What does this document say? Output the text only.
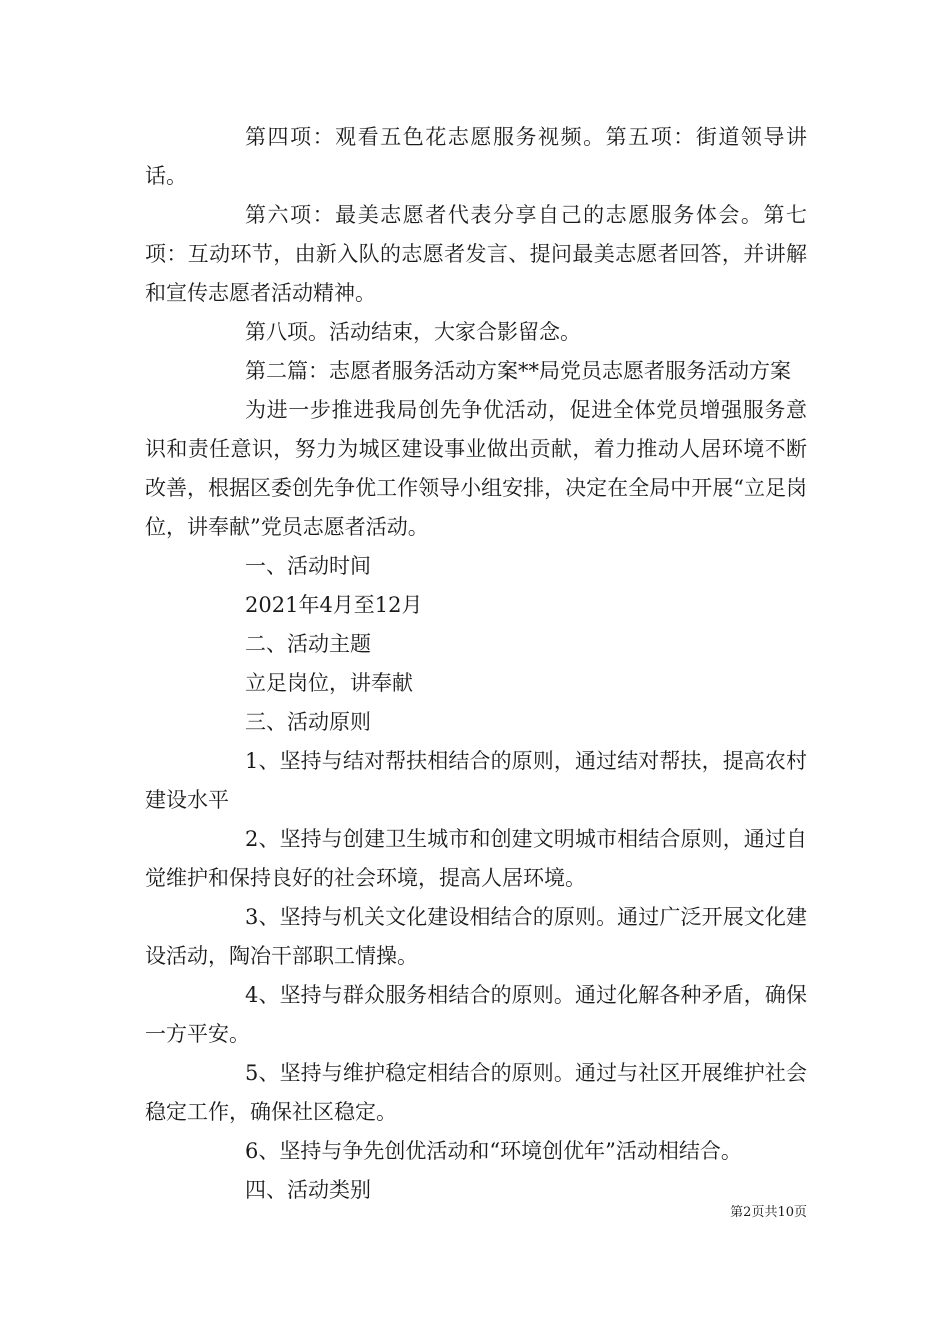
第四项：观看五色花志愿服务视频。第五项：街道领导讲话。

第六项：最美志愿者代表分享自己的志愿服务体会。第七项：互动环节，由新入队的志愿者发言、提问最美志愿者回答，并讲解和宣传志愿者活动精神。

第八项。活动结束，大家合影留念。

第二篇：志愿者服务活动方案**局党员志愿者服务活动方案

为进一步推进我局创先争优活动，促进全体党员增强服务意识和责任意识，努力为城区建设事业做出贡献，着力推动人居环境不断改善，根据区委创先争优工作领导小组安排，决定在全局中开展“立足岗位，讲奉献”党员志愿者活动。

一、活动时间

2021年4月至12月

二、活动主题

立足岗位，讲奉献

三、活动原则

1、坚持与结对帮扶相结合的原则，通过结对帮扶，提高农村建设水平

2、坚持与创建卫生城市和创建文明城市相结合原则，通过自觉维护和保持良好的社会环境，提高人居环境。

3、坚持与机关文化建设相结合的原则。通过广泛开展文化建设活动，陶冶干部职工情操。

4、坚持与群众服务相结合的原则。通过化解各种矛盾，确保一方平安。

5、坚持与维护稳定相结合的原则。通过与社区开展维护社会稳定工作，确保社区稳定。

6、坚持与争先创优活动和“环境创优年”活动相结合。

四、活动类别

第2页共10页
